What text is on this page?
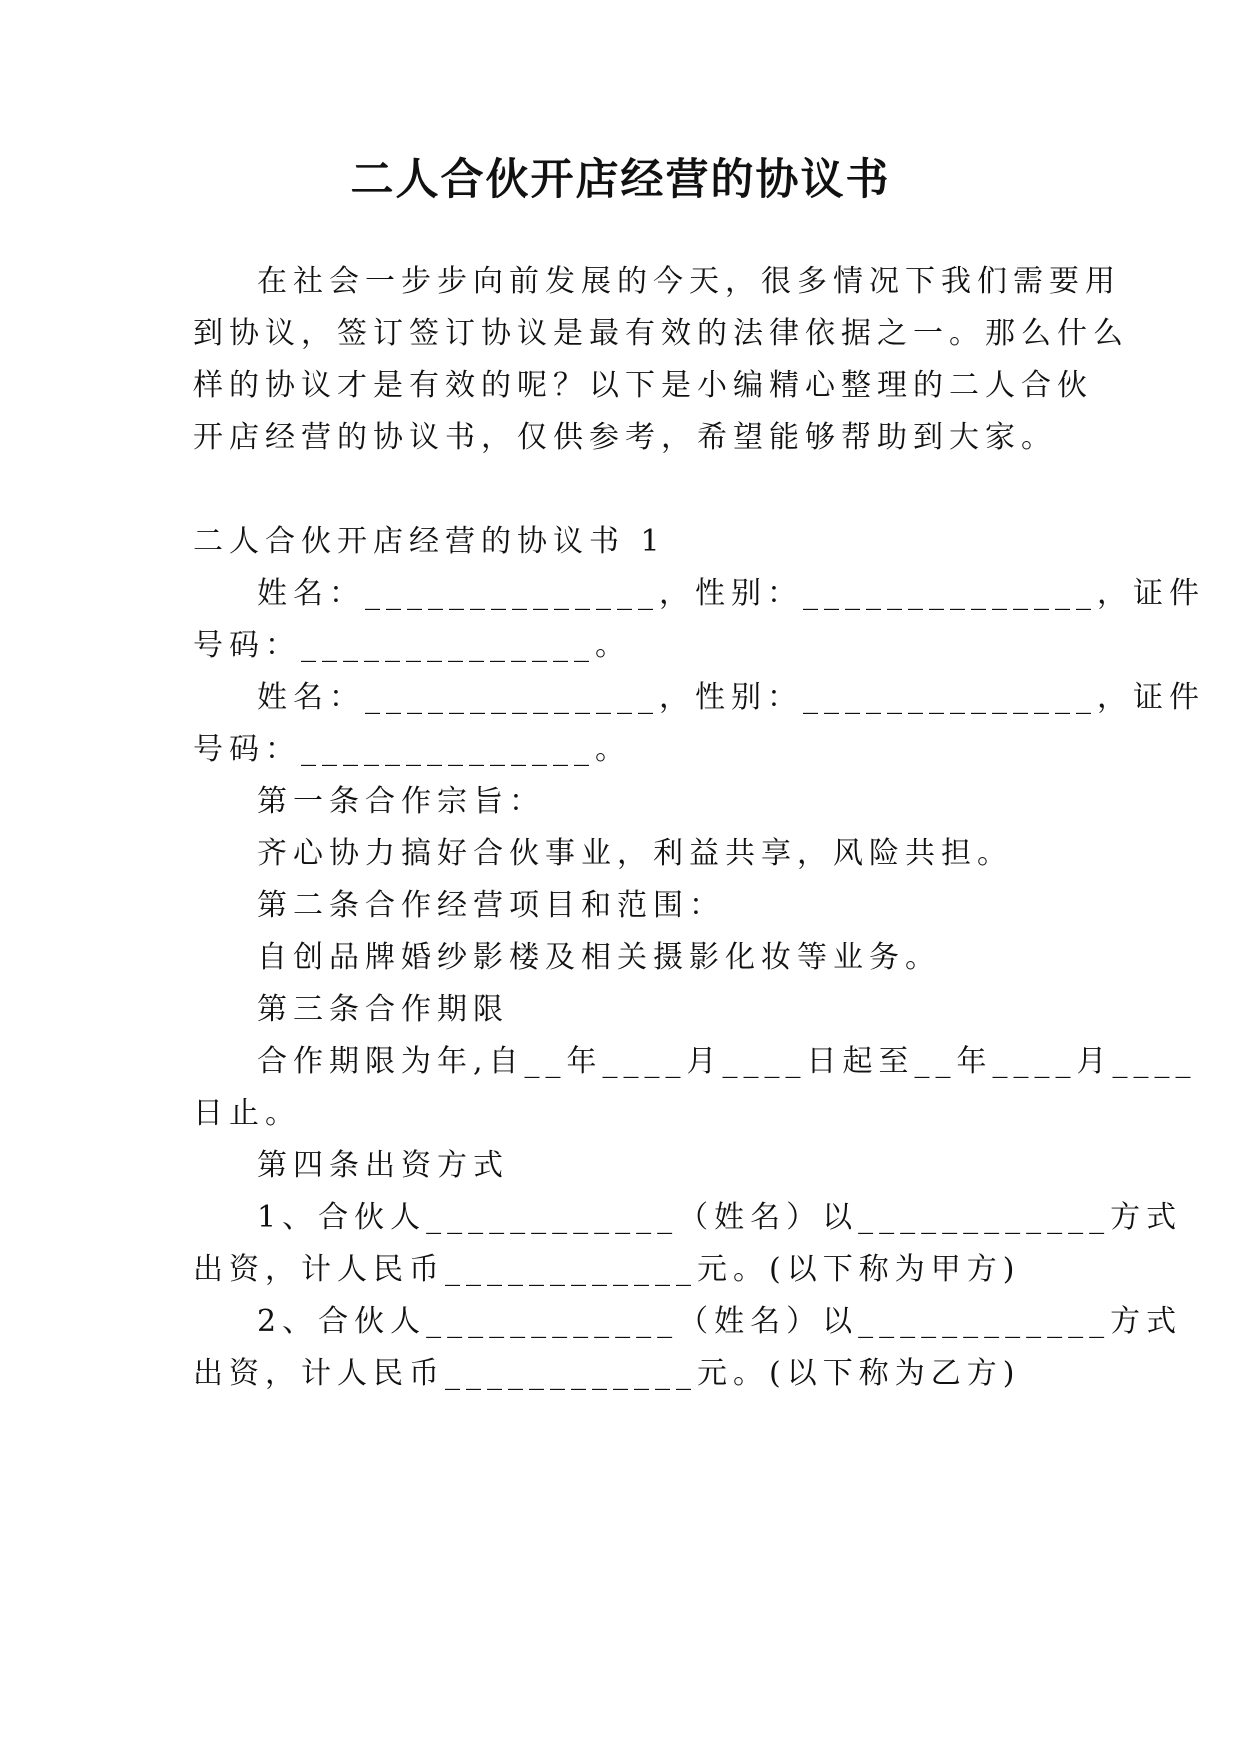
二人合伙开店经营的协议书
在社会一步步向前发展的今天，很多情况下我们需要用
到协议，签订签订协议是最有效的法律依据之一。那么什么
样的协议才是有效的呢？以下是小编精心整理的二人合伙
开店经营的协议书，仅供参考，希望能够帮助到大家。
二人合伙开店经营的协议书 1
姓名：______________，性别：______________，证件
号码：______________。
姓名：______________，性别：______________，证件
号码：______________。
第一条合作宗旨：
齐心协力搞好合伙事业，利益共享，风险共担。
第二条合作经营项目和范围：
自创品牌婚纱影楼及相关摄影化妆等业务。
第三条合作期限
合作期限为年,自__年____月____日起至__年____月____
日止。
第四条出资方式
1、合伙人____________（姓名）以____________方式
出资，计人民币____________元。(以下称为甲方)
2、合伙人____________（姓名）以____________方式
出资，计人民币____________元。(以下称为乙方)
